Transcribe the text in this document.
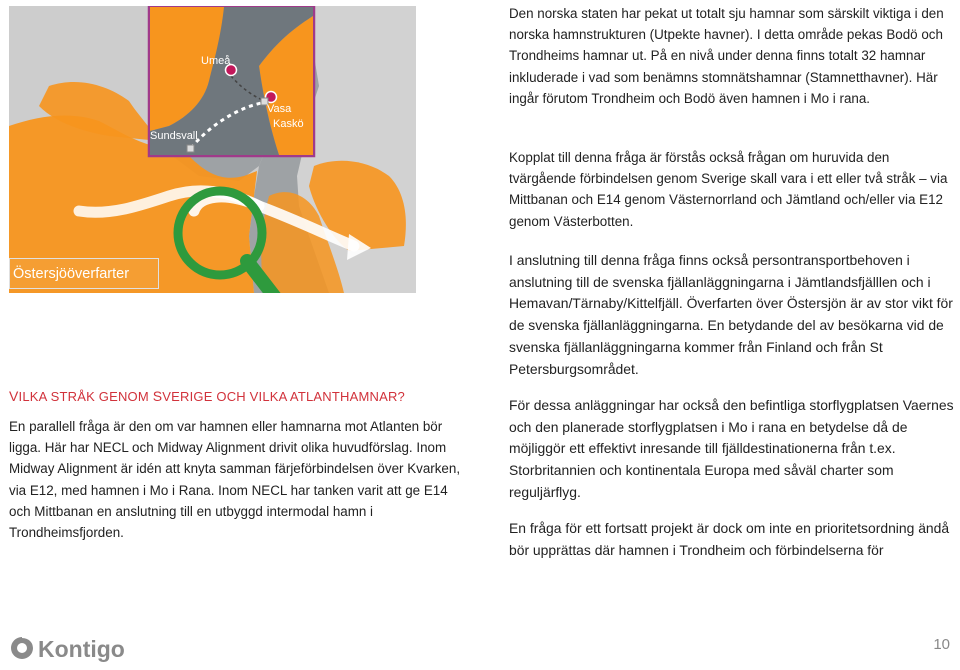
Umeå
Vasa
Kaskö
Sundsvall
Östersjööverfarter

Den norska staten har pekat ut totalt sju hamnar som särskilt viktiga i den norska hamnstrukturen (Utpekte havner). I detta område pekas Bodö och Trondheims hamnar ut. På en nivå under denna finns totalt 32 hamnar inkluderade i vad som benämns stomnätshamnar (Stamnetthavner). Här ingår förutom Trondheim och Bodö även hamnen i Mo i rana.

Kopplat till denna fråga är förstås också frågan om huruvida den tvärgående förbindelsen genom Sverige skall vara i ett eller två stråk – via Mittbanan och E14 genom Västernorrland och Jämtland och/eller via E12 genom Västerbotten.

I anslutning till denna fråga finns också persontransportbehoven i anslutning till de svenska fjällanläggningarna i Jämtlandsfjälllen och i Hemavan/Tärnaby/Kittelfjäll. Överfarten över Östersjön är av stor vikt för de svenska fjällanläggningarna. En betydande del av besökarna vid de svenska fjällanläggningarna kommer från Finland och från St Petersburgsområdet.

För dessa anläggningar har också den befintliga storflygplatsen Vaernes och den planerade storflygplatsen i Mo i rana en betydelse då de möjliggör ett effektivt inresande till fjälldestinationerna från t.ex. Storbritannien och kontinentala Europa med såväl charter som reguljärflyg.

En fråga för ett fortsatt projekt är dock om inte en prioritetsordning ändå bör upprättas där hamnen i Trondheim och förbindelserna för

VILKA STRÅK GENOM SVERIGE OCH VILKA ATLANTHAMNAR?

En parallell fråga är den om var hamnen eller hamnarna mot Atlanten bör ligga. Här har NECL och Midway Alignment drivit olika huvudförslag. Inom Midway Alignment är idén att knyta samman färjeförbindelsen över Kvarken, via E12, med hamnen i Mo i Rana. Inom NECL har tanken varit att ge E14 och Mittbanan en anslutning till en utbyggd intermodal hamn i Trondheimsfjorden.

Kontigo	10
